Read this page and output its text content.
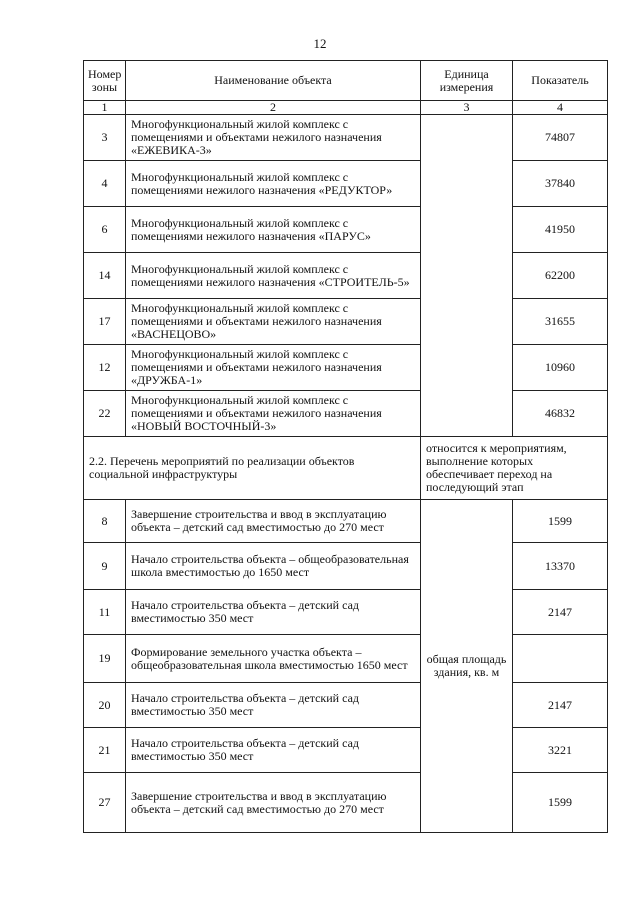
12
Номер зоны	Наименование объекта	Единица измерения	Показатель
1	2	3	4
3	Многофункциональный жилой комплекс с помещениями и объектами нежилого назначения «ЕЖЕВИКА-3»		74807
4	Многофункциональный жилой комплекс с помещениями нежилого назначения «РЕДУКТОР»		37840
6	Многофункциональный жилой комплекс с помещениями нежилого назначения «ПАРУС»		41950
14	Многофункциональный жилой комплекс с помещениями нежилого назначения «СТРОИТЕЛЬ-5»		62200
17	Многофункциональный жилой комплекс с помещениями и объектами нежилого назначения «ВАСНЕЦОВО»		31655
12	Многофункциональный жилой комплекс с помещениями и объектами нежилого назначения «ДРУЖБА-1»		10960
22	Многофункциональный жилой комплекс с помещениями и объектами нежилого назначения «НОВЫЙ ВОСТОЧНЫЙ-3»		46832
2.2. Перечень мероприятий по реализации объектов социальной инфраструктуры		относится к мероприятиям, выполнение которых обеспечивает переход на последующий этап	
8	Завершение строительства и ввод в эксплуатацию объекта – детский сад вместимостью до 270 мест	общая площадь здания, кв. м	1599
9	Начало строительства объекта – общеобразовательная школа вместимостью до 1650 мест		13370
11	Начало строительства объекта – детский сад вместимостью 350 мест		2147
19	Формирование земельного участка объекта – общеобразовательная школа вместимостью 1650 мест		
20	Начало строительства объекта – детский сад вместимостью 350 мест		2147
21	Начало строительства объекта – детский сад вместимостью 350 мест		3221
27	Завершение строительства и ввод в эксплуатацию объекта – детский сад вместимостью до 270 мест		1599
